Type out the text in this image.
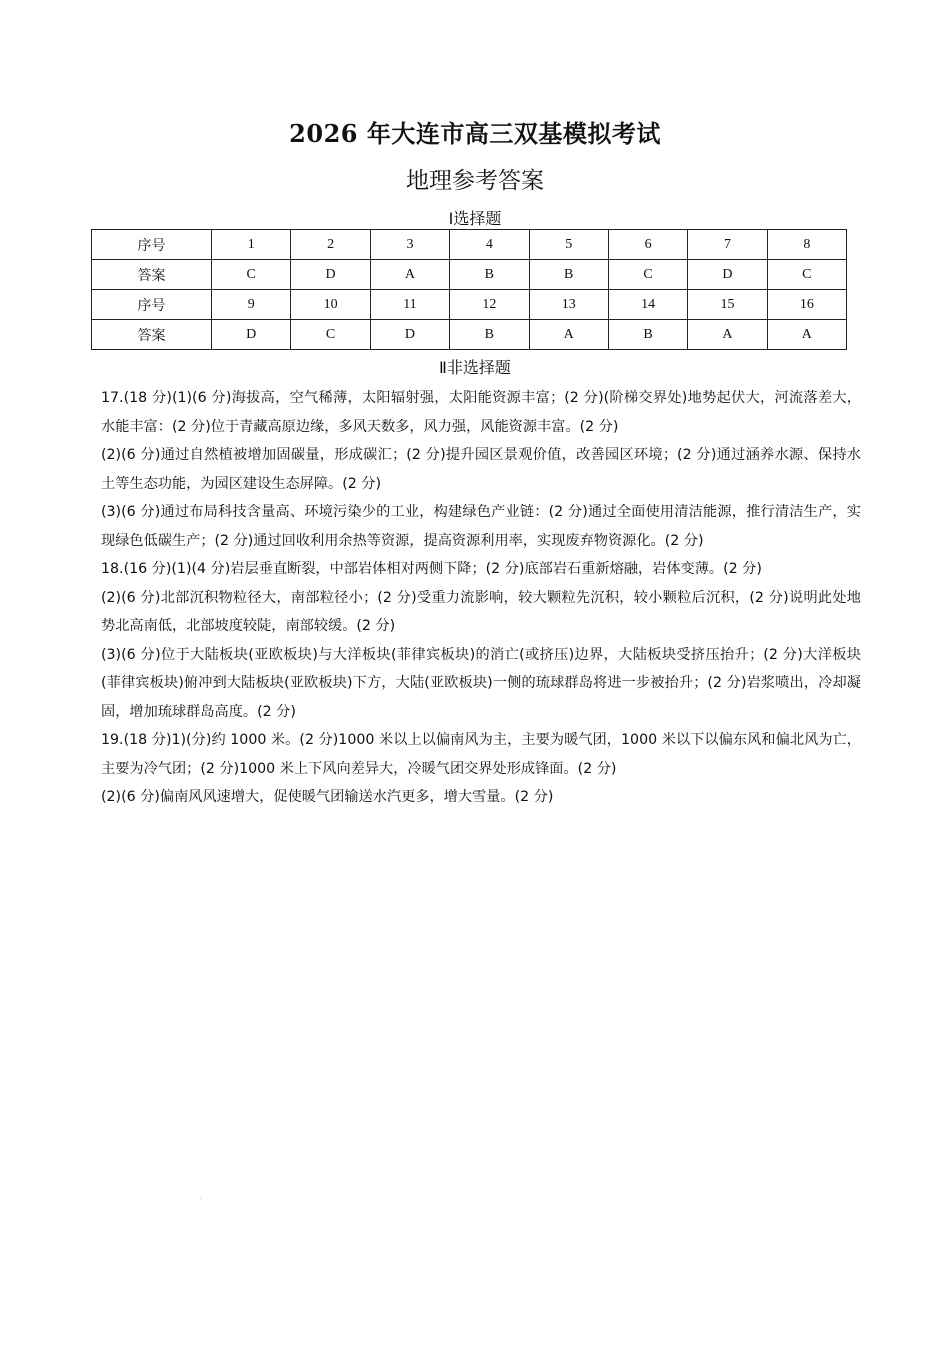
2026 年大连市高三双基模拟考试
地理参考答案
Ⅰ选择题
序号	1	2	3	4	5	6	7	8
答案	C	D	A	B	B	C	D	C
序号	9	10	11	12	13	14	15	16
答案	D	C	D	B	A	B	A	A
Ⅱ非选择题

17.(18 分)(1)(6 分)海拔高，空气稀薄，太阳辐射强，太阳能资源丰富；(2 分)(阶梯交界处)地势起伏大，河流落差大，水能丰富：(2 分)位于青藏高原边缘，多风天数多，风力强，风能资源丰富。(2 分)

(2)(6 分)通过自然植被增加固碳量，形成碳汇；(2 分)提升园区景观价值，改善园区环境；(2 分)通过涵养水源、保持水土等生态功能，为园区建设生态屏障。(2 分)

(3)(6 分)通过布局科技含量高、环境污染少的工业，构建绿色产业链：(2 分)通过全面使用清洁能源，推行清洁生产，实现绿色低碳生产；(2 分)通过回收利用余热等资源，提高资源利用率，实现废弃物资源化。(2 分)

18.(16 分)(1)(4 分)岩层垂直断裂，中部岩体相对两侧下降；(2 分)底部岩石重新熔融，岩体变薄。(2 分)

(2)(6 分)北部沉积物粒径大，南部粒径小；(2 分)受重力流影响，较大颗粒先沉积，较小颗粒后沉积，(2 分)说明此处地势北高南低，北部坡度较陡，南部较缓。(2 分)

(3)(6 分)位于大陆板块(亚欧板块)与大洋板块(菲律宾板块)的消亡(或挤压)边界，大陆板块受挤压抬升；(2 分)大洋板块(菲律宾板块)俯冲到大陆板块(亚欧板块)下方，大陆(亚欧板块)一侧的琉球群岛将进一步被抬升；(2 分)岩浆喷出，冷却凝固，增加琉球群岛高度。(2 分)

19.(18 分)1)(分)约 1000 米。(2 分)1000 米以上以偏南风为主，主要为暖气团，1000 米以下以偏东风和偏北风为亡，主要为冷气团；(2 分)1000 米上下风向差异大，冷暖气团交界处形成锋面。(2 分)

(2)(6 分)偏南风风速增大，促使暖气团输送水汽更多，增大雪量。(2 分)

.
